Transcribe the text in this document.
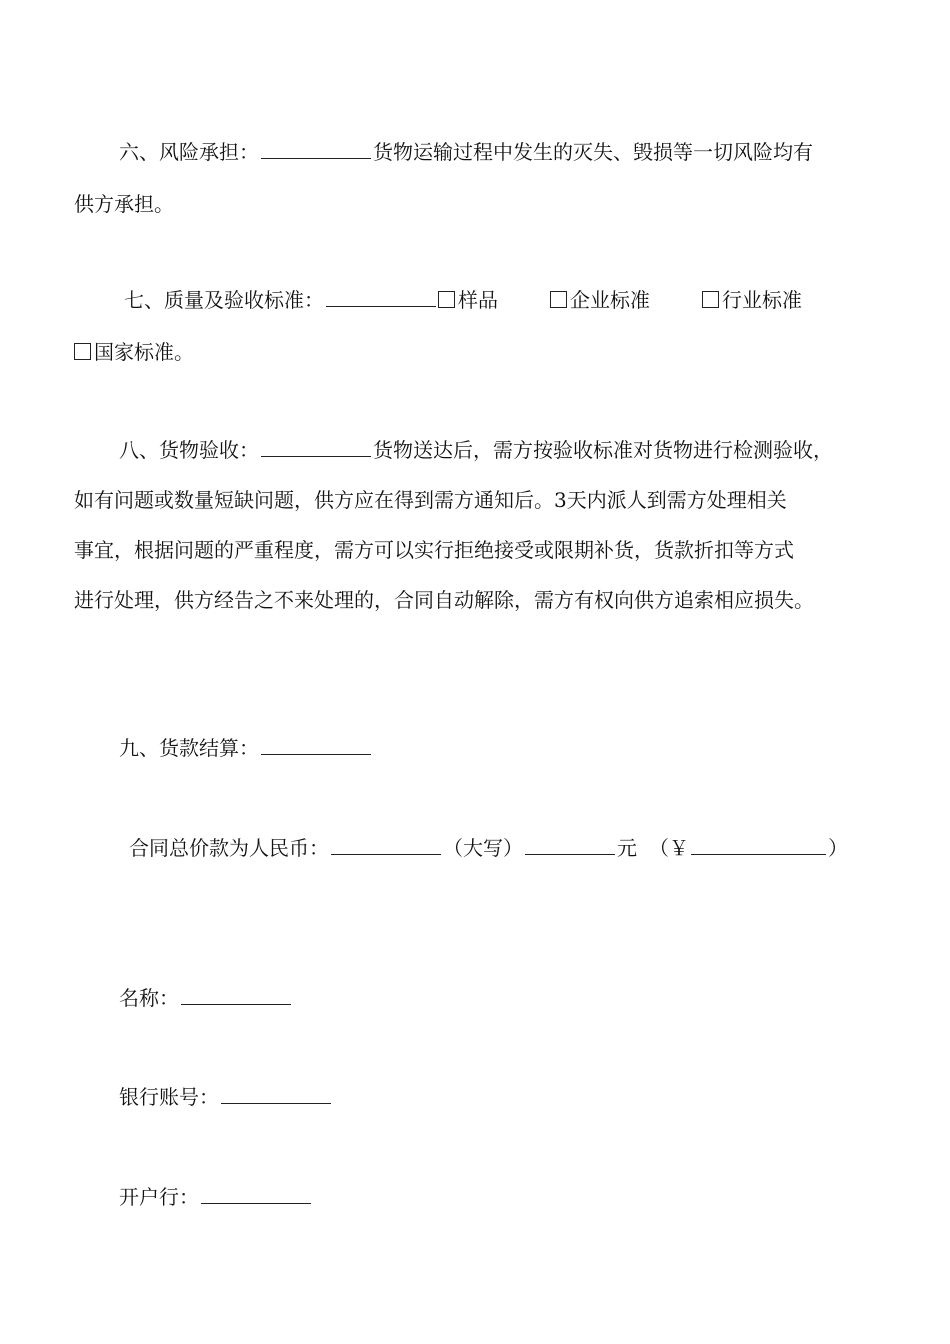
六、风险承担：	货物运输过程中发生的灭失、毁损等一切风险均有
供方承担。
七、质量及验收标准：	样品	企业标准	行业标准
国家标准。
八、货物验收：	货物送达后，需方按验收标准对货物进行检测验收，
如有问题或数量短缺问题，供方应在得到需方通知后。3天内派人到需方处理相关
事宜，根据问题的严重程度，需方可以实行拒绝接受或限期补货，货款折扣等方式
进行处理，供方经告之不来处理的，合同自动解除，需方有权向供方追索相应损失。
九、货款结算：
合同总价款为人民币：	（大写）	元 （￥	）
名称：
银行账号：
开户行：
